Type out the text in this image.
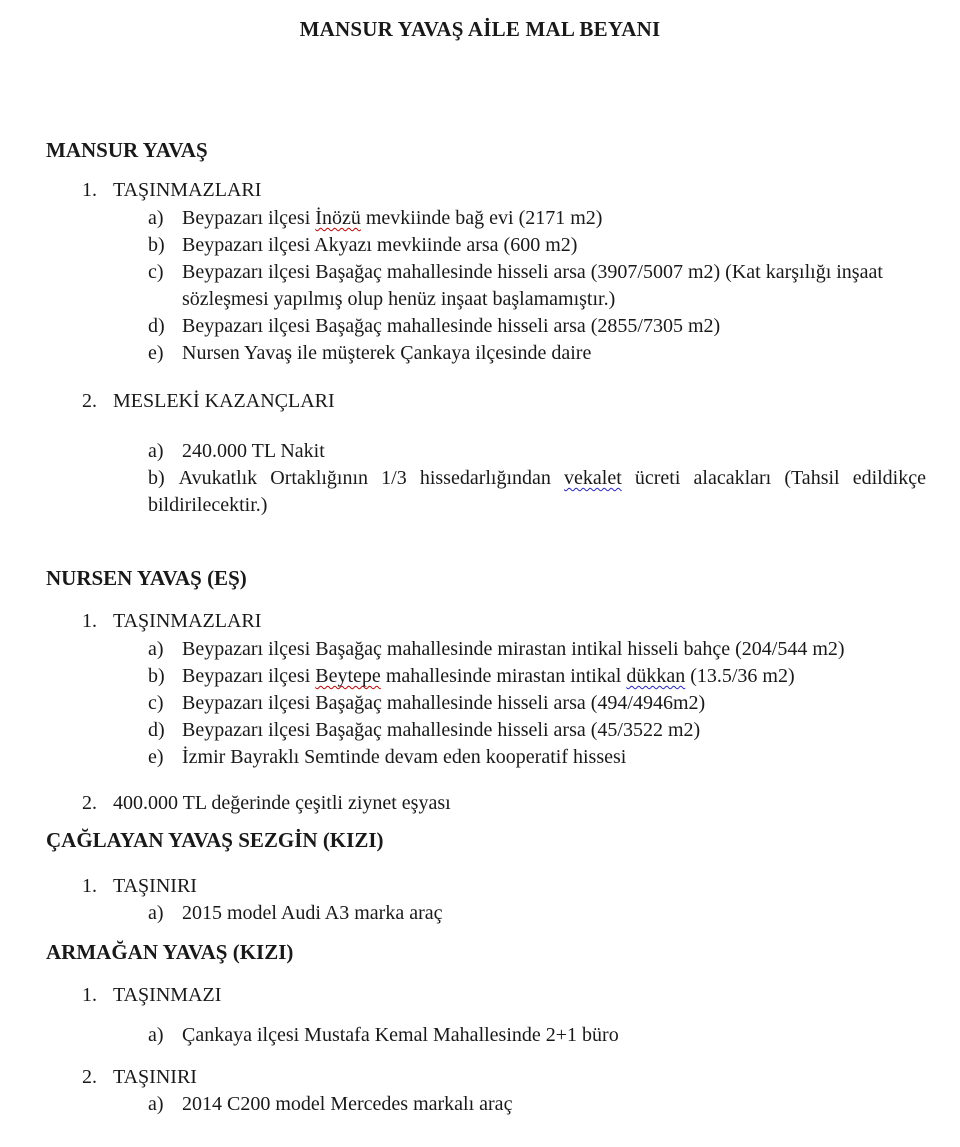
MANSUR YAVAŞ AİLE MAL BEYANI
MANSUR YAVAŞ
1. TAŞINMAZLARI
a) Beypazarı ilçesi İnözü mevkiinde bağ evi (2171 m2)
b) Beypazarı ilçesi Akyazı mevkiinde arsa (600 m2)
c) Beypazarı ilçesi Başağaç mahallesinde hisseli arsa (3907/5007 m2) (Kat karşılığı inşaat sözleşmesi yapılmış olup henüz inşaat başlamamıştır.)
d) Beypazarı ilçesi Başağaç mahallesinde hisseli arsa (2855/7305 m2)
e) Nursen Yavaş ile müşterek Çankaya ilçesinde daire
2. MESLEKİ KAZANÇLARI
a) 240.000 TL Nakit
b) Avukatlık Ortaklığının 1/3 hissedarlığından vekalet ücreti alacakları (Tahsil edildikçe bildirilecektir.)
NURSEN YAVAŞ (EŞ)
1. TAŞINMAZLARI
a) Beypazarı ilçesi Başağaç mahallesinde mirastan intikal hisseli bahçe (204/544 m2)
b) Beypazarı ilçesi Beytepe mahallesinde mirastan intikal dükkan (13.5/36 m2)
c) Beypazarı ilçesi Başağaç mahallesinde hisseli arsa (494/4946m2)
d) Beypazarı ilçesi Başağaç mahallesinde hisseli arsa (45/3522 m2)
e) İzmir Bayraklı Semtinde devam eden kooperatif hissesi
2. 400.000 TL değerinde çeşitli ziynet eşyası
ÇAĞLAYAN YAVAŞ SEZGİN (KIZI)
1. TAŞINIRI
a) 2015 model Audi A3 marka araç
ARMAĞAN YAVAŞ (KIZI)
1. TAŞINMAZI
a) Çankaya ilçesi Mustafa Kemal Mahallesinde 2+1 büro
2. TAŞINIRI
a) 2014 C200 model Mercedes markalı araç
